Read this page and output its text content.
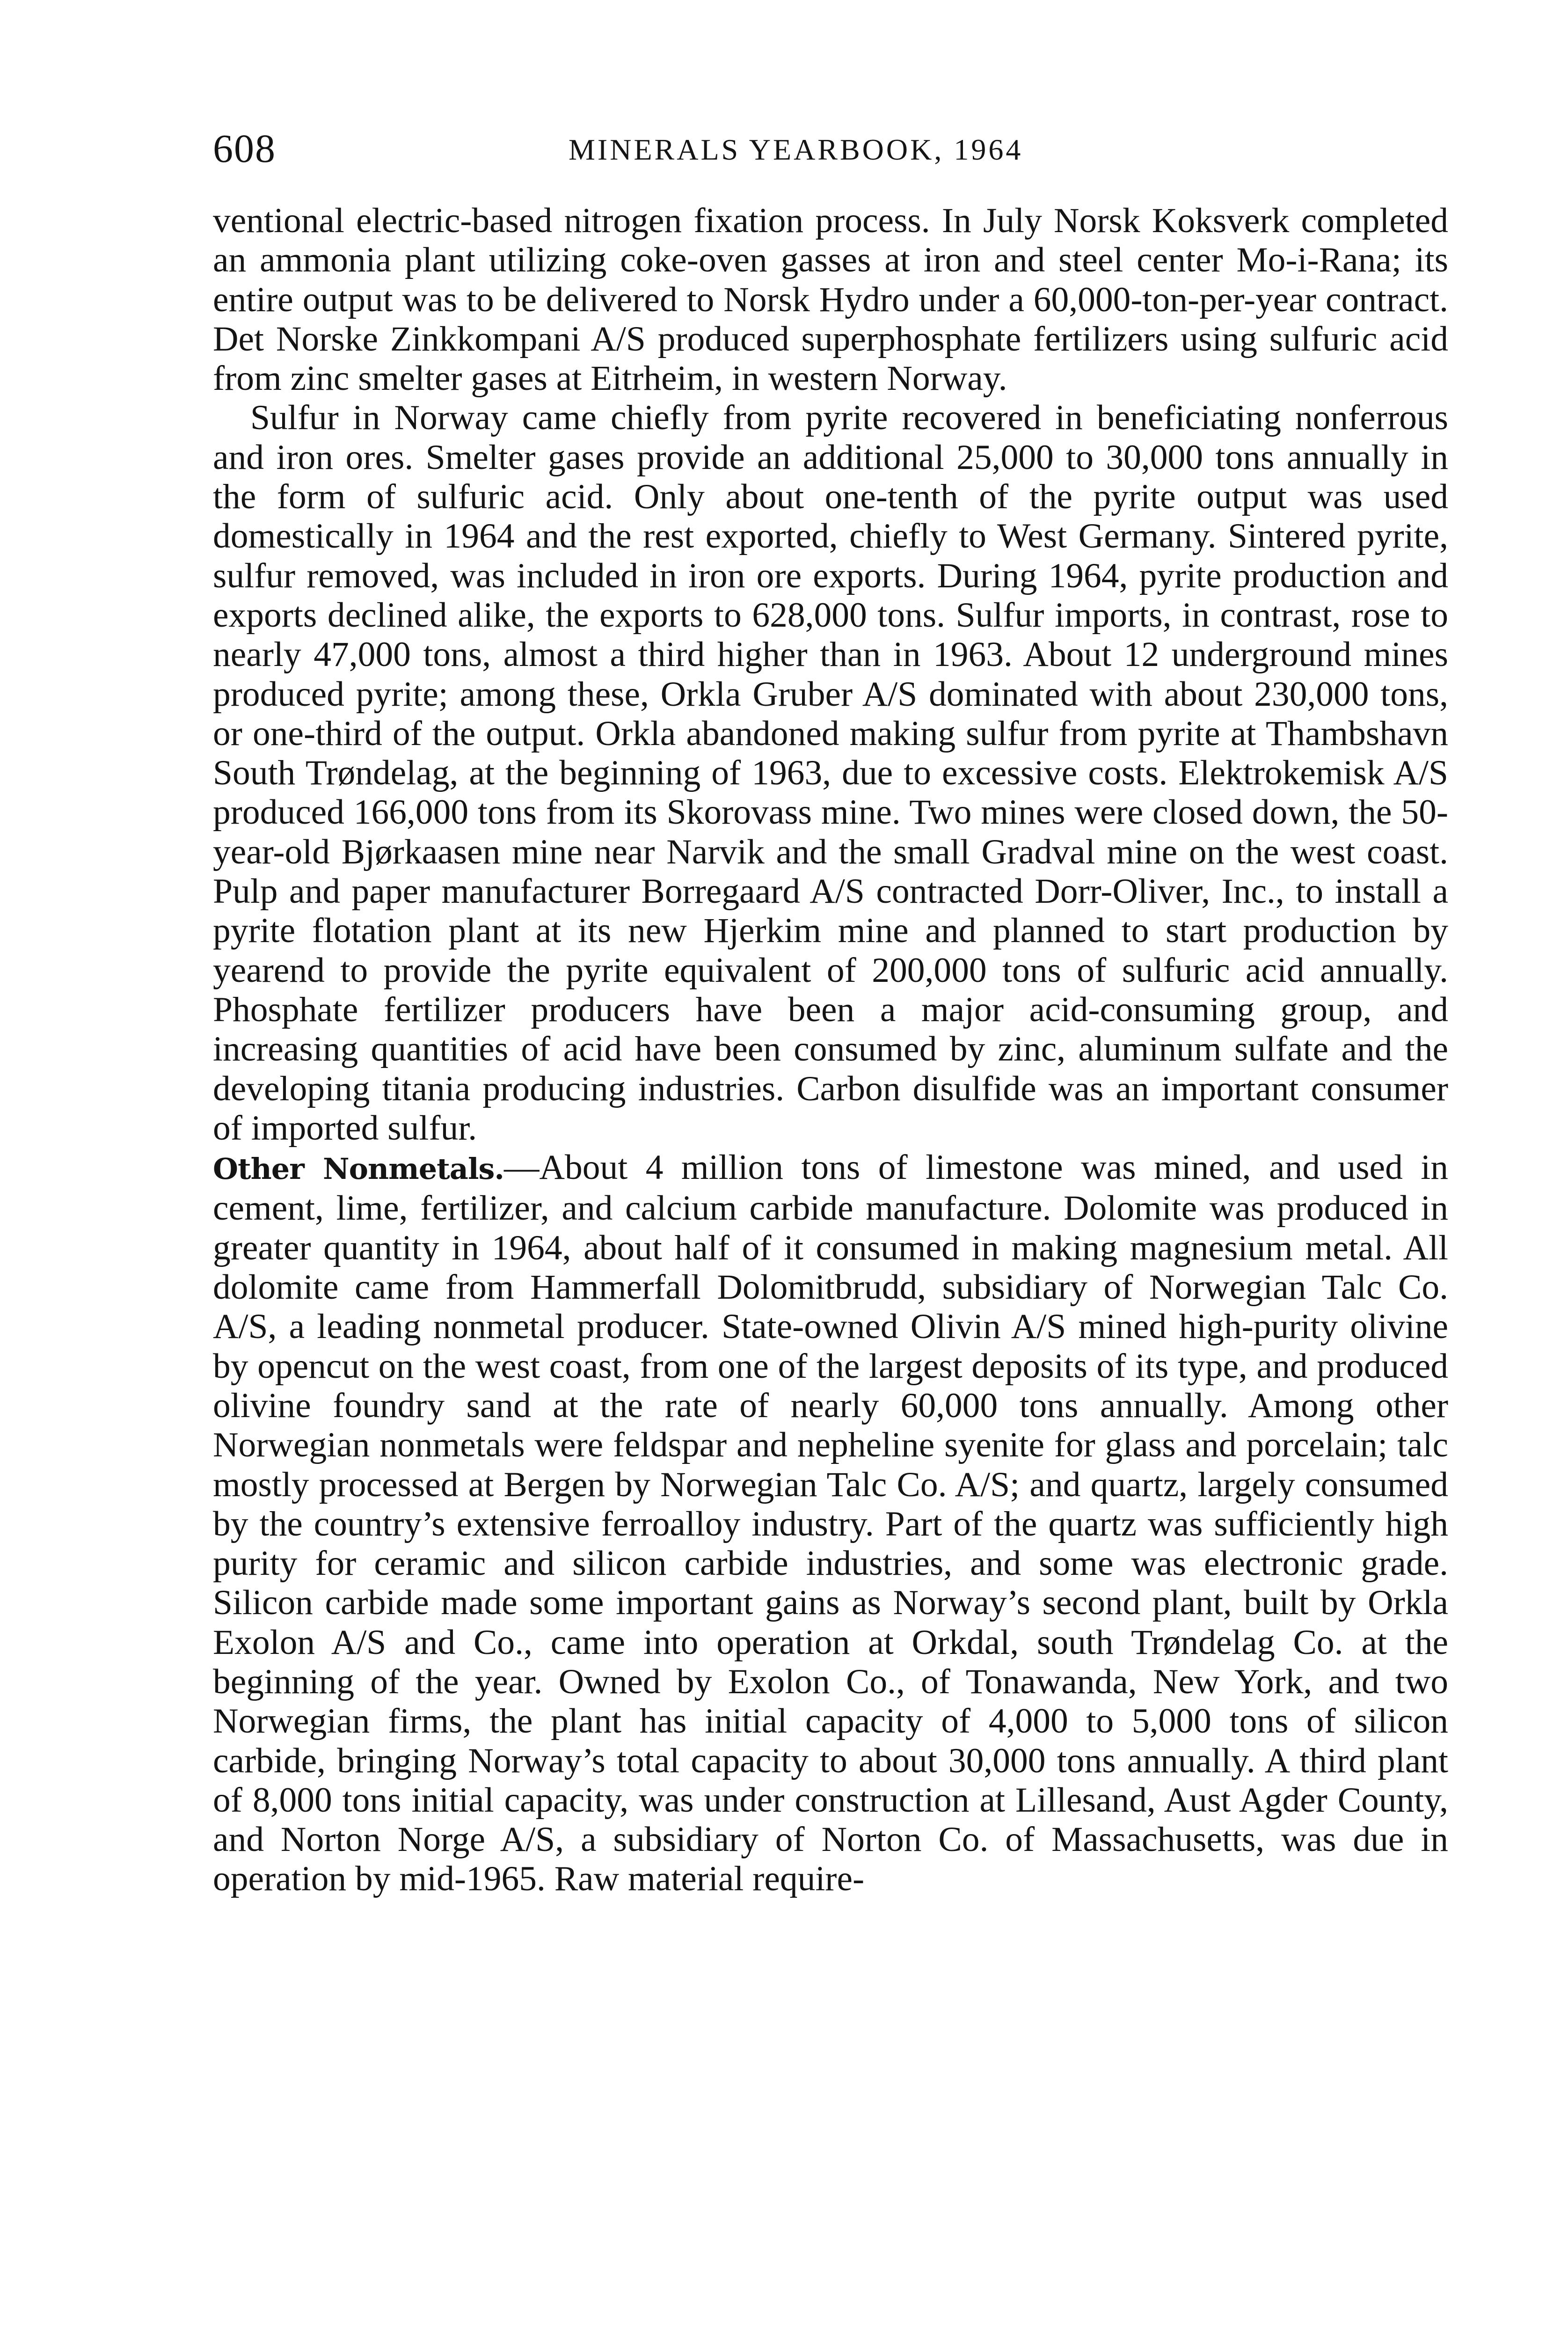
608	MINERALS YEARBOOK, 1964

ventional electric-based nitrogen fixation process. In July Norsk Koksverk completed an ammonia plant utilizing coke-oven gasses at iron and steel center Mo-i-Rana; its entire output was to be delivered to Norsk Hydro under a 60,000-ton-per-year contract. Det Norske Zinkkompani A/S produced superphosphate fertilizers using sulfuric acid from zinc smelter gases at Eitrheim, in western Norway.

Sulfur in Norway came chiefly from pyrite recovered in beneficiating nonferrous and iron ores. Smelter gases provide an additional 25,000 to 30,000 tons annually in the form of sulfuric acid. Only about one-tenth of the pyrite output was used domestically in 1964 and the rest exported, chiefly to West Germany. Sintered pyrite, sulfur removed, was included in iron ore exports. During 1964, pyrite production and exports declined alike, the exports to 628,000 tons. Sulfur imports, in contrast, rose to nearly 47,000 tons, almost a third higher than in 1963. About 12 underground mines produced pyrite; among these, Orkla Gruber A/S dominated with about 230,000 tons, or one-third of the output. Orkla abandoned making sulfur from pyrite at Thambshavn South Trøndelag, at the beginning of 1963, due to excessive costs. Elektrokemisk A/S produced 166,000 tons from its Skorovass mine. Two mines were closed down, the 50-year-old Bjørkaasen mine near Narvik and the small Gradval mine on the west coast. Pulp and paper manufacturer Borregaard A/S contracted Dorr-Oliver, Inc., to install a pyrite flotation plant at its new Hjerkim mine and planned to start production by yearend to provide the pyrite equivalent of 200,000 tons of sulfuric acid annually. Phosphate fertilizer producers have been a major acid-consuming group, and increasing quantities of acid have been consumed by zinc, aluminum sulfate and the developing titania producing industries. Carbon disulfide was an important consumer of imported sulfur.

Other Nonmetals.—About 4 million tons of limestone was mined, and used in cement, lime, fertilizer, and calcium carbide manufacture. Dolomite was produced in greater quantity in 1964, about half of it consumed in making magnesium metal. All dolomite came from Hammerfall Dolomitbrudd, subsidiary of Norwegian Talc Co. A/S, a leading nonmetal producer. State-owned Olivin A/S mined high-purity olivine by opencut on the west coast, from one of the largest deposits of its type, and produced olivine foundry sand at the rate of nearly 60,000 tons annually. Among other Norwegian nonmetals were feldspar and nepheline syenite for glass and porcelain; talc mostly processed at Bergen by Norwegian Talc Co. A/S; and quartz, largely consumed by the country’s extensive ferroalloy industry. Part of the quartz was sufficiently high purity for ceramic and silicon carbide industries, and some was electronic grade. Silicon carbide made some important gains as Norway’s second plant, built by Orkla Exolon A/S and Co., came into operation at Orkdal, south Trøndelag Co. at the beginning of the year. Owned by Exolon Co., of Tonawanda, New York, and two Norwegian firms, the plant has initial capacity of 4,000 to 5,000 tons of silicon carbide, bringing Norway’s total capacity to about 30,000 tons annually. A third plant of 8,000 tons initial capacity, was under construction at Lillesand, Aust Agder County, and Norton Norge A/S, a subsidiary of Norton Co. of Massachusetts, was due in operation by mid-1965. Raw material require-
